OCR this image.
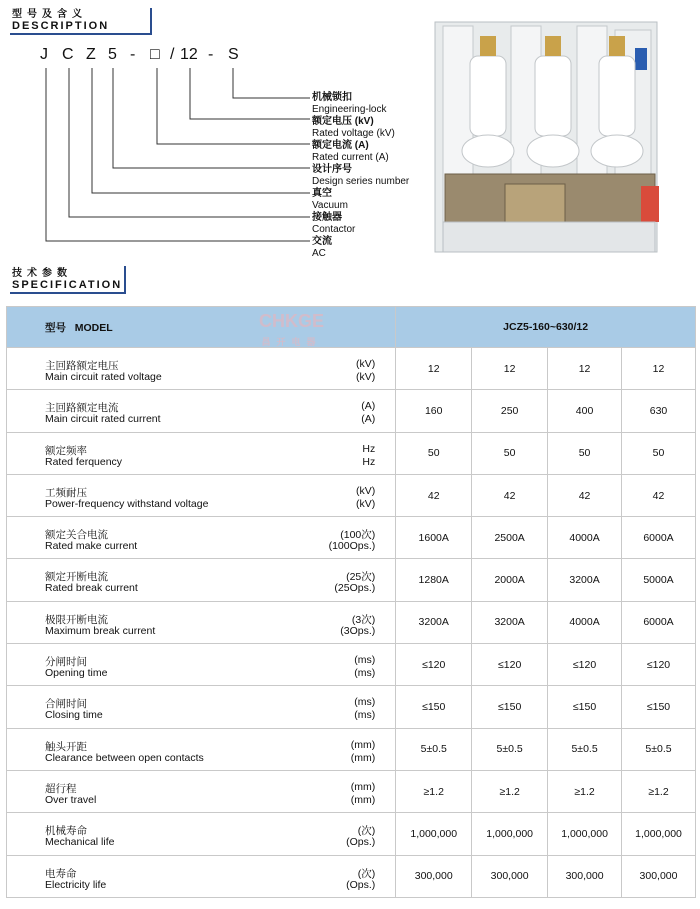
型号及含义
DESCRIPTION
J C Z 5 - □ / 12 - S
机械锁扣
Engineering-lock
额定电压 (kV)
Rated voltage (kV)
额定电流 (A)
Rated current (A)
设计序号
Design series number
真空
Vacuum
接触器
Contactor
交流
AC
技术参数
SPECIFICATION
型号   MODEL CHKGE
昌开电器	JCZ5-160~630/12			

主回路额定电压
Main circuit rated voltage
(kV)
(kV)	12	12	12	12

主回路额定电流
Main circuit rated current
(A)
(A)	160	250	400	630

额定频率
Rated ferquency
Hz
Hz	50	50	50	50

工频耐压
Power-frequency withstand voltage
(kV)
(kV)	42	42	42	42

额定关合电流
Rated make current
(100次)
(100Ops.)	1600A	2500A	4000A	6000A

额定开断电流
Rated break current
(25次)
(25Ops.)	1280A	2000A	3200A	5000A

极限开断电流
Maximum break current
(3次)
(3Ops.)	3200A	3200A	4000A	6000A

分闸时间
Opening time
(ms)
(ms)	≤120	≤120	≤120	≤120

合闸时间
Closing time
(ms)
(ms)	≤150	≤150	≤150	≤150

触头开距
Clearance between open contacts
(mm)
(mm)	5±0.5	5±0.5	5±0.5	5±0.5

超行程
Over travel
(mm)
(mm)	≥1.2	≥1.2	≥1.2	≥1.2

机械寿命
Mechanical life
(次)
(Ops.)	1,000,000	1,000,000	1,000,000	1,000,000

电寿命
Electricity life
(次)
(Ops.)	300,000	300,000	300,000	300,000
